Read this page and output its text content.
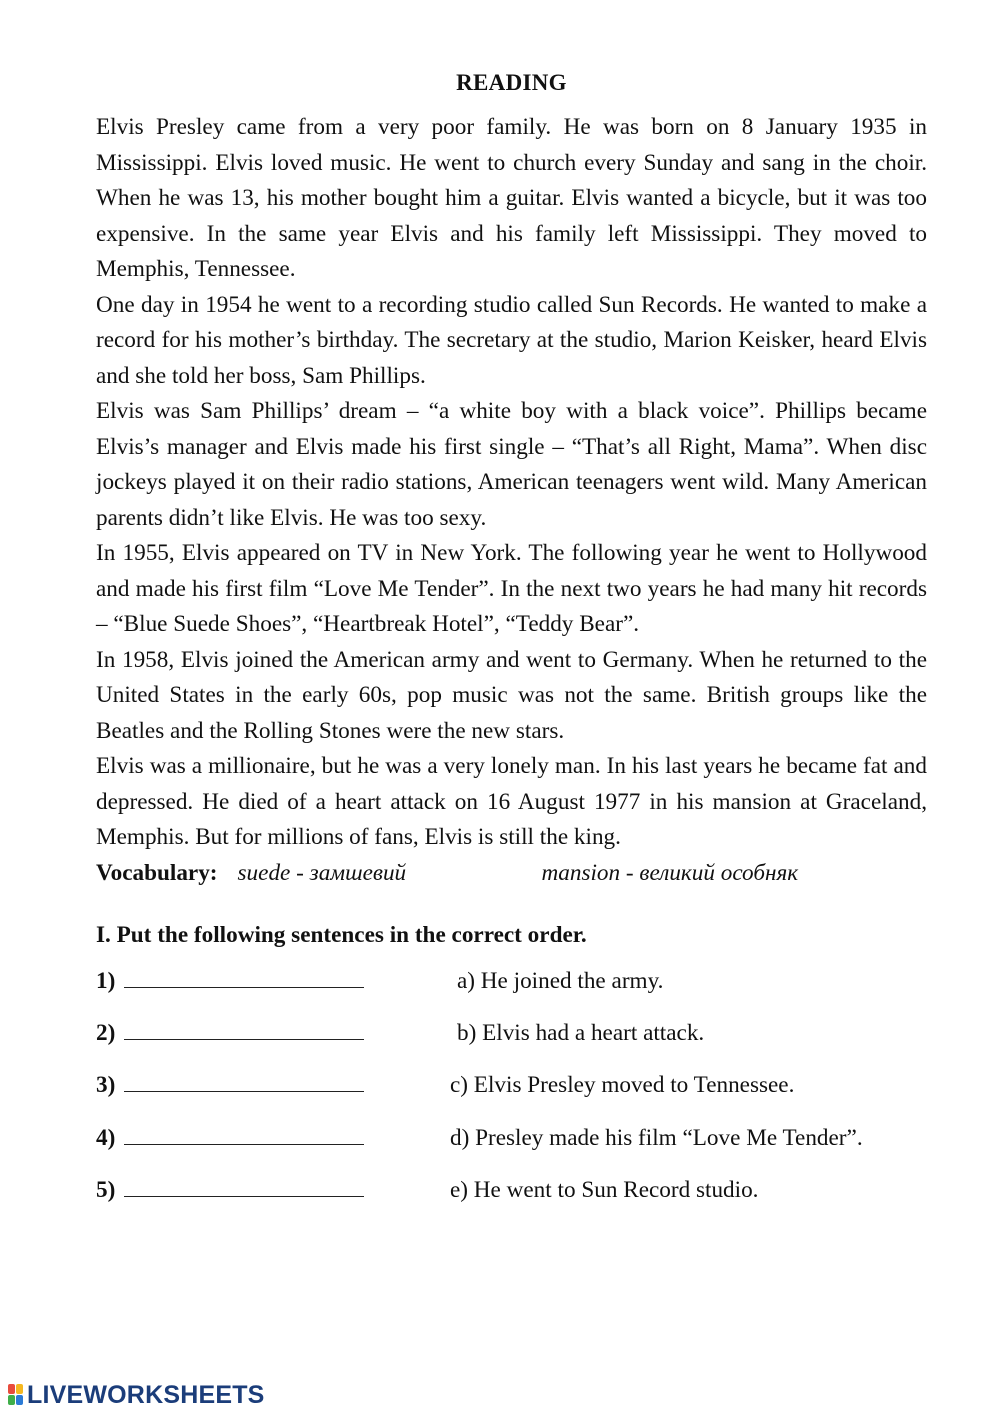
READING

Elvis Presley came from a very poor family. He was born on 8 January 1935 in Mississippi. Elvis loved music. He went to church every Sunday and sang in the choir. When he was 13, his mother bought him a guitar. Elvis wanted a bicycle, but it was too expensive. In the same year Elvis and his family left Mississippi. They moved to Memphis, Tennessee.

One day in 1954 he went to a recording studio called Sun Records. He wanted to make a record for his mother’s birthday. The secretary at the studio, Marion Keisker, heard Elvis and she told her boss, Sam Phillips.

Elvis was Sam Phillips’ dream – “a white boy with a black voice”. Phillips became Elvis’s manager and Elvis made his first single – “That’s all Right, Mama”. When disc jockeys played it on their radio stations, American teenagers went wild. Many American parents didn’t like Elvis. He was too sexy.

In 1955, Elvis appeared on TV in New York. The following year he went to Hollywood and made his first film “Love Me Tender”. In the next two years he had many hit records – “Blue Suede Shoes”, “Heartbreak Hotel”, “Teddy Bear”.

In 1958, Elvis joined the American army and went to Germany. When he returned to the United States in the early 60s, pop music was not the same. British groups like the Beatles and the Rolling Stones were the new stars.

Elvis was a millionaire, but he was a very lonely man. In his last years he became fat and depressed. He died of a heart attack on 16 August 1977 in his mansion at Graceland, Memphis. But for millions of fans, Elvis is still the king.

Vocabulary: suede - замшевий	mansion - великий особняк
I. Put the following sentences in the correct order.
1)	a) He joined the army.
2)	b) Elvis had a heart attack.
3)	c) Elvis Presley moved to Tennessee.
4)	d) Presley made his film “Love Me Tender”.
5)	e) He went to Sun Record studio.
LIVEWORKSHEETS
